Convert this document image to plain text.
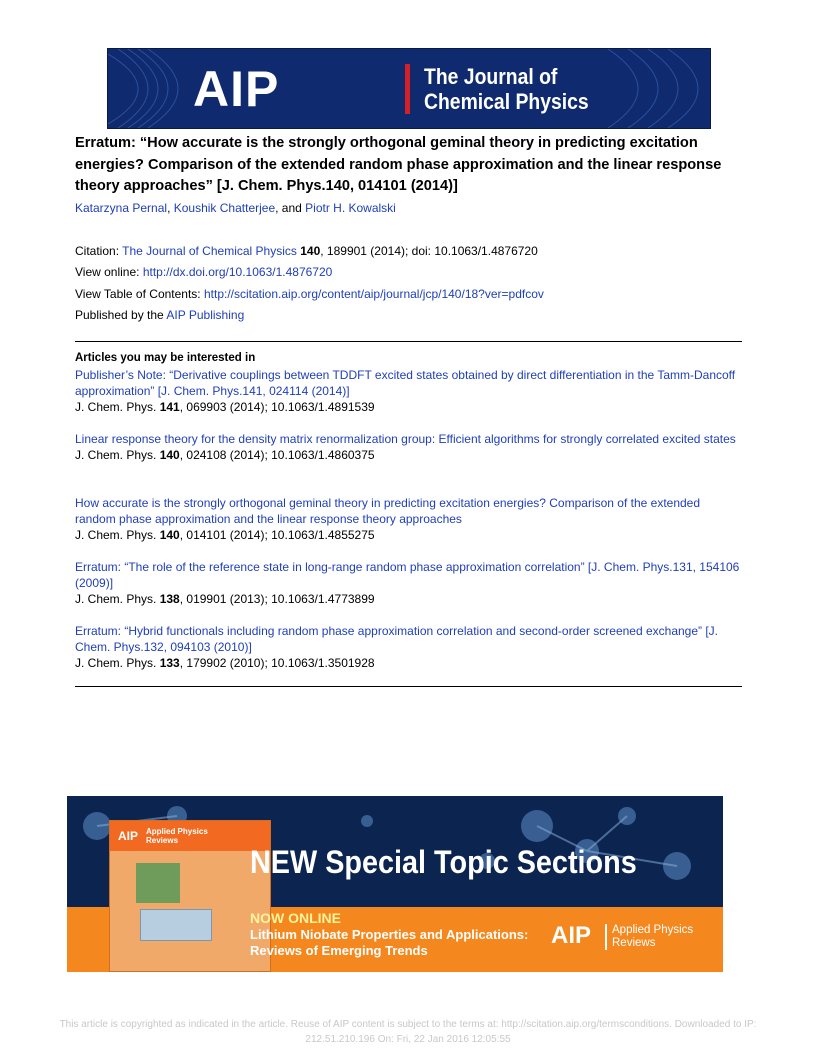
AIP	The Journal of
Chemical Physics
Erratum: “How accurate is the strongly orthogonal geminal theory in predicting excitation energies? Comparison of the extended random phase approximation and the linear response theory approaches” [J. Chem. Phys.140, 014101 (2014)]
Katarzyna Pernal, Koushik Chatterjee, and Piotr H. Kowalski
Citation: The Journal of Chemical Physics 140, 189901 (2014); doi: 10.1063/1.4876720
View online: http://dx.doi.org/10.1063/1.4876720
View Table of Contents: http://scitation.aip.org/content/aip/journal/jcp/140/18?ver=pdfcov
Published by the AIP Publishing
Articles you may be interested in
Publisher’s Note: “Derivative couplings between TDDFT excited states obtained by direct differentiation in the Tamm-Dancoff approximation” [J. Chem. Phys.141, 024114 (2014)]
J. Chem. Phys. 141, 069903 (2014); 10.1063/1.4891539
Linear response theory for the density matrix renormalization group: Efficient algorithms for strongly correlated excited states
J. Chem. Phys. 140, 024108 (2014); 10.1063/1.4860375
How accurate is the strongly orthogonal geminal theory in predicting excitation energies? Comparison of the extended random phase approximation and the linear response theory approaches
J. Chem. Phys. 140, 014101 (2014); 10.1063/1.4855275
Erratum: “The role of the reference state in long-range random phase approximation correlation” [J. Chem. Phys.131, 154106 (2009)]
J. Chem. Phys. 138, 019901 (2013); 10.1063/1.4773899
Erratum: “Hybrid functionals including random phase approximation correlation and second-order screened exchange” [J. Chem. Phys.132, 094103 (2010)]
J. Chem. Phys. 133, 179902 (2010); 10.1063/1.3501928
AIP Applied Physics
Reviews
NEW Special Topic Sections
NOW ONLINE
Lithium Niobate Properties and Applications:
Reviews of Emerging Trends
AIP Applied Physics
Reviews
This article is copyrighted as indicated in the article. Reuse of AIP content is subject to the terms at: http://scitation.aip.org/termsconditions. Downloaded to IP:
212.51.210.196 On: Fri, 22 Jan 2016 12:05:55
